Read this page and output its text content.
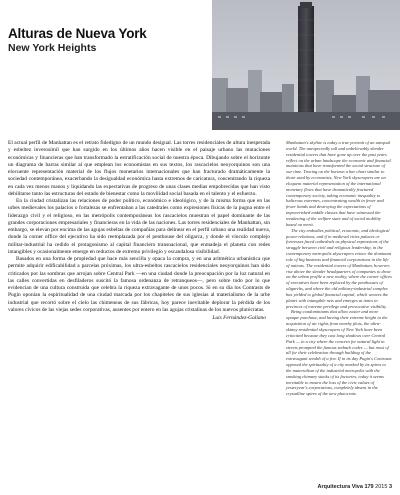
Alturas de Nueva York
New York Heights

El actual perfil de Manhattan es el retrato fidedigno de un mundo desigual. Las torres residenciales de altura inesperada y esbeltez inverosímil que han surgido en los últimos años hacen visible en el paisaje urbano las mutaciones económicas y financieras que han transformado la estratificación social de nuestra época. Dibujando sobre el horizonte un diagrama de barras similar al que emplean los economistas en sus textos, los rascacielos neoyorquinos son una elocuente representación material de los flujos monetarios internacionales que han fracturado dramáticamente la sociedad contemporánea, exacerbando la desigualdad económica hasta extremos de caricatura, concentrando la riqueza en cada vez menos manos y liquidando las expectativas de progreso de unas clases medias empobrecidas que han visto debilitarse tanto las estructuras del estado de bienestar como la movilidad social basada en el talento y el esfuerzo.

En la ciudad cristalizan las relaciones de poder político, económico e ideológico, y de la misma forma que en las urbes medievales los palacios o fortalezas se enfrentaban a las catedrales como expresiones físicas de la pugna entre el liderazgo civil y el religioso, en las metrópolis contemporáneas los rascacielos muestran el papel dominante de las grandes corporaciones empresariales y financieras en la vida de las naciones. Las torres residenciales de Manhattan, sin embargo, se elevan por encima de las agujas esbeltas de compañías para delinear en el perfil urbano una realidad nueva, donde la corner office del ejecutivo ha sido reemplazada por el penthouse del oligarca, y donde el vínculo complejo militar-industrial ha cedido el protagonismo al capital financiero transnacional, que enmadeja el planeta con redes intangibles y ocasionalmente emerge en reductos de extremo privilegio y escandalosa visibilidad.

Basados en una forma de propiedad que hace más sencilla y opaca la compra, y en una aritmética urbanística que permite adquirir edificabilidad a parcelas próximas, los ultra-esbeltos rascacielos residenciales neoyorquinos han sido criticados por las sombras que arrojan sobre Central Park —en una ciudad donde la preocupación por la luz natural en las calles convertidas en desfiladeros suscitó la famosa ordenanza de retranqueos—, pero sobre todo por lo que evidencian de una cultura construida que celebra la riqueza extravagante de unos pocos. Si en su día los Contrasts de Pugin oponían la espiritualidad de una ciudad marcada por los chapiteles de sus iglesias al materialismo de la urbe industrial que recortó sobre el cielo las chimeneas de sus fábricas, hoy parece inevitable deplorar la pérdida de los valores cívicos de las viejas sedes corporativas, ausentes por entero en las agujas cristalinas de los nuevos plutócratas.

Luis Fernández-Galiano

Manhattan's skyline is today a true portrait of an unequal world. The unexpectedly tall and unbelievably slender residential towers that have gone up over the past years reflect on the urban landscape the economic and financial mutations that have transformed the social structure of our time. Tracing on the horizon a bar chart similar to those used by economists, New York skyscrapers are an eloquent material representation of the international monetary flows that have dramatically fractured contemporary society, taking economic inequality to ludicrous extremes, concentrating wealth in fewer and fewer hands and destroying the expectations of impoverished middle classes that have witnessed the weakening of the welfare state and of social mobility based on merit.

The city embodies political, economic, and ideological power relations, and if in medieval cities palaces or fortresses faced cathedrals as physical expressions of the struggle between civil and religious leadership, in the contemporary metropolis skyscrapers evince the dominant role of big business and financial corporations in the life of nations. The residential towers of Manhattan, however, rise above the slender headquarters of companies to draw on the urban profile a new reality, where the corner offices of executives have been replaced by the penthouses of oligarchs, and where the old military-industrial complex has yielded to global financial capital, which weaves the planet with intangible nets and emerges at times in precincts of extreme privilege and provocative visibility.

Being condominiums that allow easier and more opaque purchase, and having their extreme height in the acquisition of air rights from nearby plots, the ultra-skinny residential skyscrapers of New York have been criticized because they cast long shadows over Central Park — in a city where the concern for natural light in streets prompted the famous setback codes — but most of all for their celebration through building of the extravagant wealth of a few. If in its day Pugin's Contrasts opposed the spirituality of a city marked by its spires to the materialism of the industrial metropolis with the smoking chimney stacks of its factories, today it seems inevitable to mourn the loss of the civic values of yesteryear's corporations, completely absent in the crystalline spires of the new plutocrats.

Arquitectura Viva 179 2015 3
